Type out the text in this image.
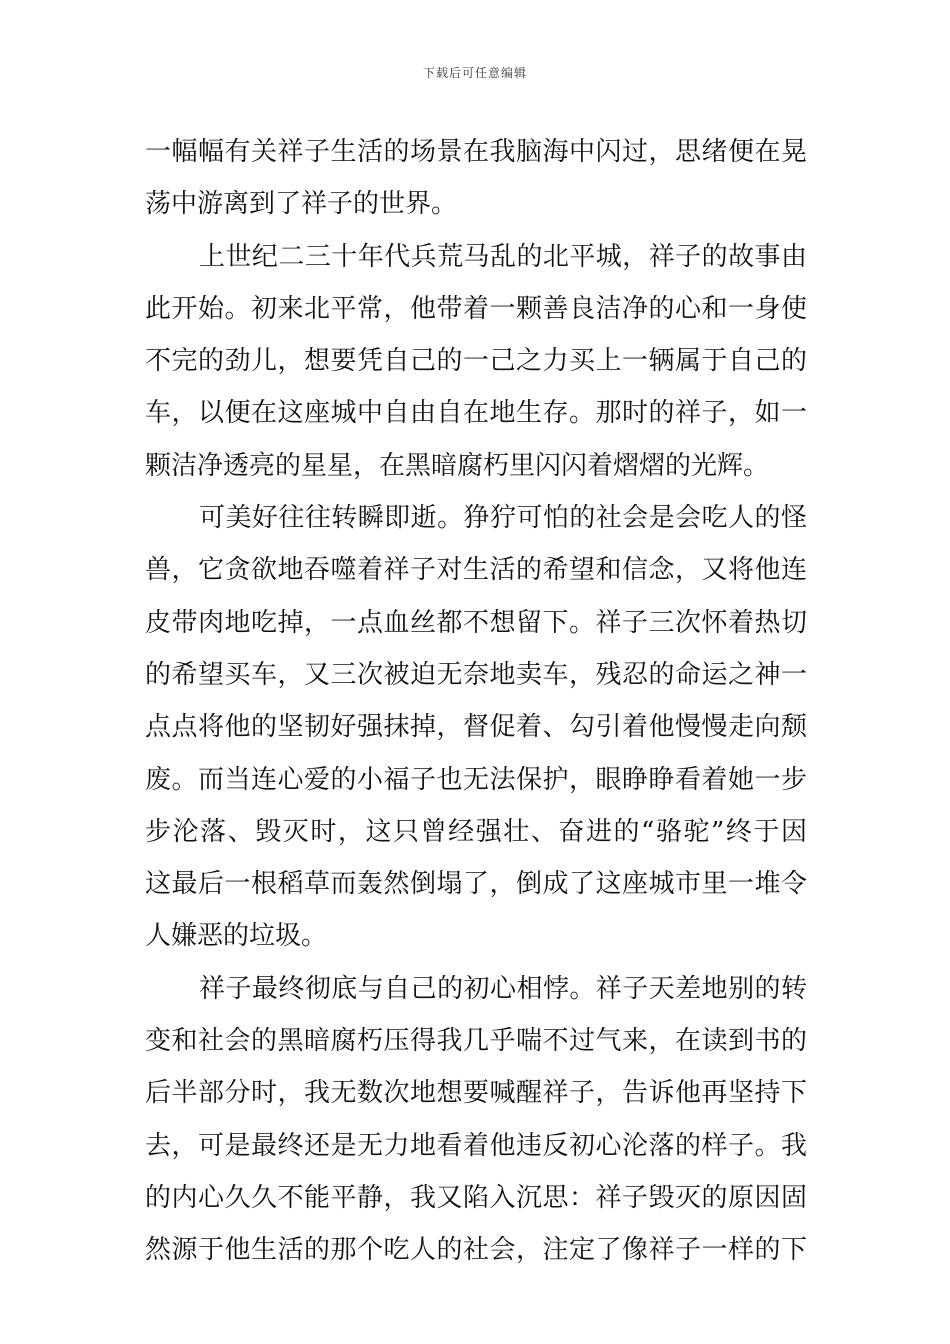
下载后可任意编辑
一幅幅有关祥子生活的场景在我脑海中闪过，思绪便在晃
荡中游离到了祥子的世界。
上世纪二三十年代兵荒马乱的北平城，祥子的故事由
此开始。初来北平常，他带着一颗善良洁净的心和一身使
不完的劲儿，想要凭自己的一己之力买上一辆属于自己的
车，以便在这座城中自由自在地生存。那时的祥子，如一
颗洁净透亮的星星，在黑暗腐朽里闪闪着熠熠的光辉。
可美好往往转瞬即逝。狰狞可怕的社会是会吃人的怪
兽，它贪欲地吞噬着祥子对生活的希望和信念，又将他连
皮带肉地吃掉，一点血丝都不想留下。祥子三次怀着热切
的希望买车，又三次被迫无奈地卖车，残忍的命运之神一
点点将他的坚韧好强抹掉，督促着、勾引着他慢慢走向颓
废。而当连心爱的小福子也无法保护，眼睁睁看着她一步
步沦落、毁灭时，这只曾经强壮、奋进的“骆驼”终于因
这最后一根稻草而轰然倒塌了，倒成了这座城市里一堆令
人嫌恶的垃圾。
祥子最终彻底与自己的初心相悖。祥子天差地别的转
变和社会的黑暗腐朽压得我几乎喘不过气来，在读到书的
后半部分时，我无数次地想要喊醒祥子，告诉他再坚持下
去，可是最终还是无力地看着他违反初心沦落的样子。我
的内心久久不能平静，我又陷入沉思：祥子毁灭的原因固
然源于他生活的那个吃人的社会，注定了像祥子一样的下
